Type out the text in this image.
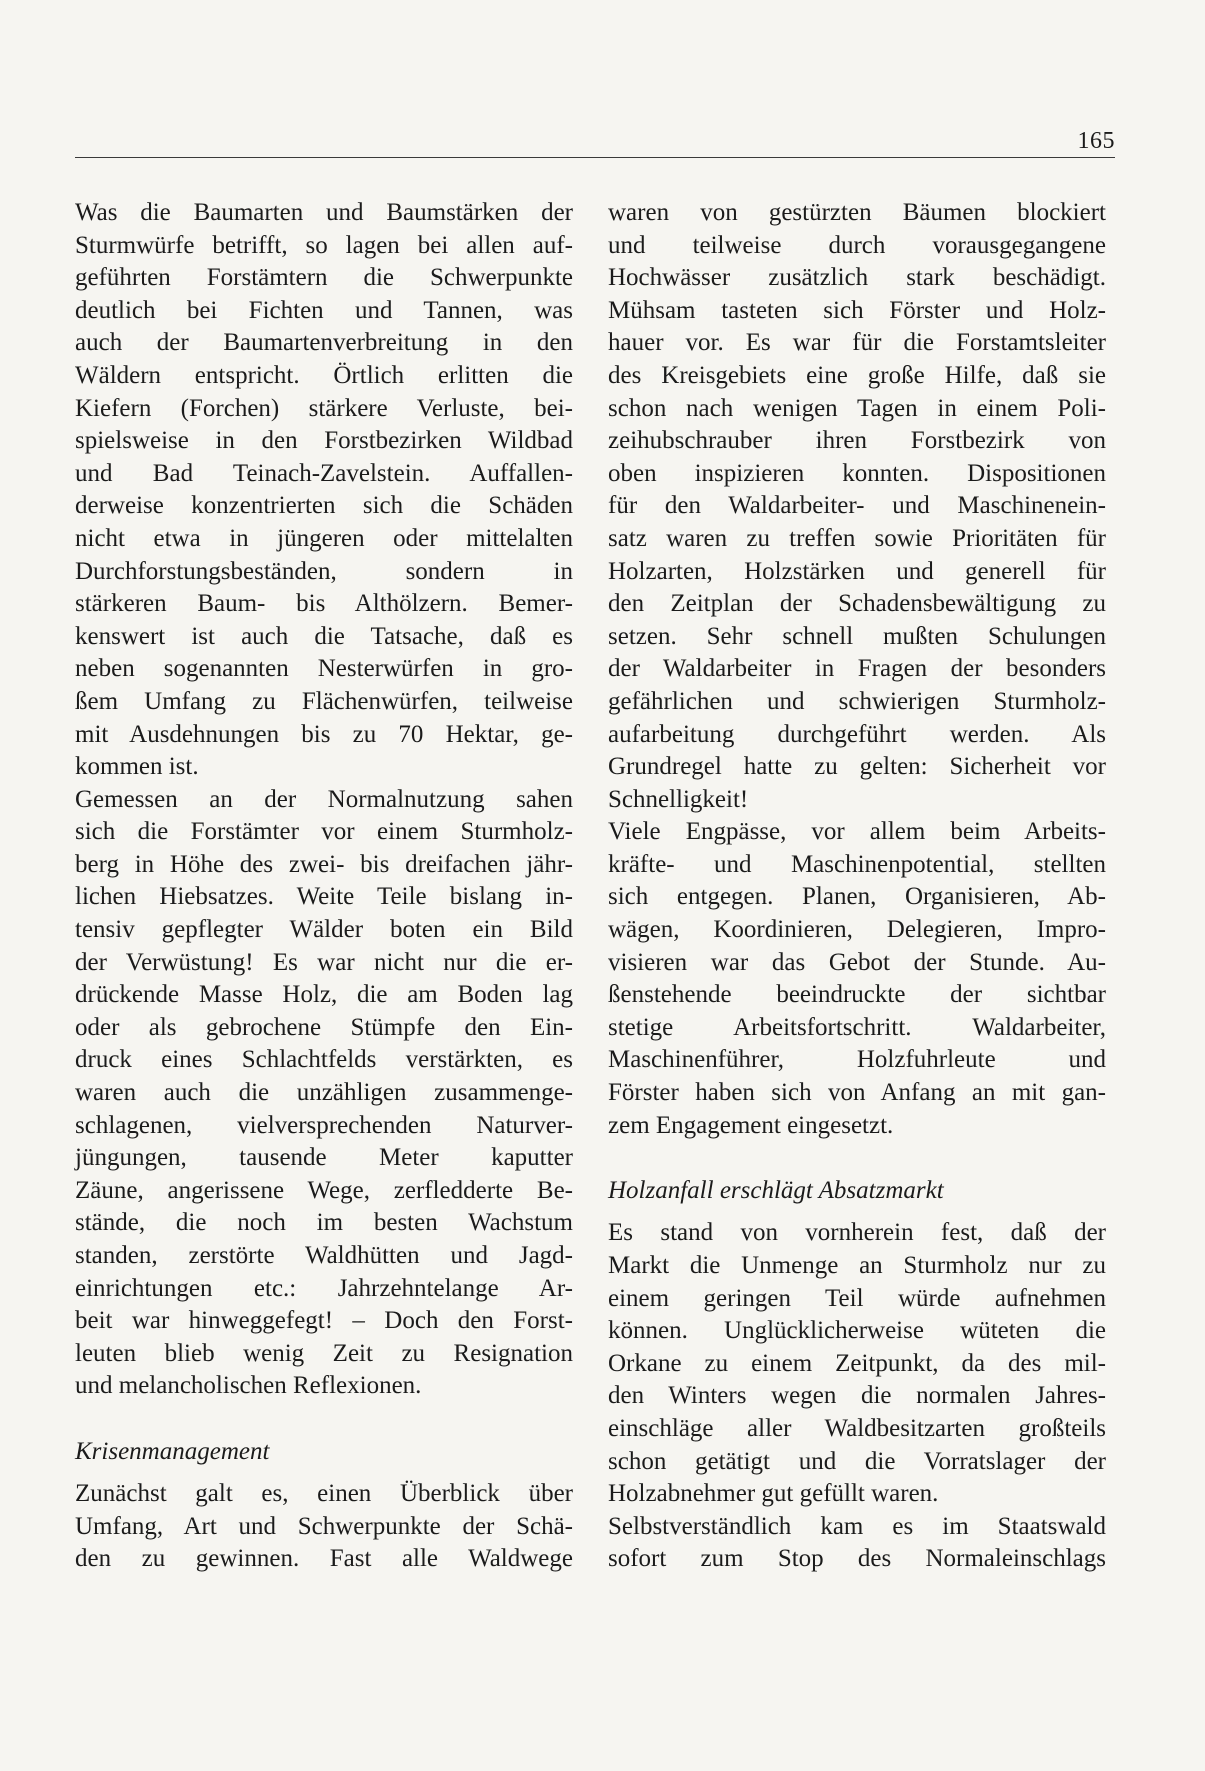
165
Was die Baumarten und Baumstärken der
Sturmwürfe betrifft, so lagen bei allen auf-
geführten Forstämtern die Schwerpunkte
deutlich bei Fichten und Tannen, was
auch der Baumartenverbreitung in den
Wäldern entspricht. Örtlich erlitten die
Kiefern (Forchen) stärkere Verluste, bei-
spielsweise in den Forstbezirken Wildbad
und Bad Teinach-Zavelstein. Auffallen-
derweise konzentrierten sich die Schäden
nicht etwa in jüngeren oder mittelalten
Durchforstungsbeständen, sondern in
stärkeren Baum- bis Althölzern. Bemer-
kenswert ist auch die Tatsache, daß es
neben sogenannten Nesterwürfen in gro-
ßem Umfang zu Flächenwürfen, teilweise
mit Ausdehnungen bis zu 70 Hektar, ge-
kommen ist.
Gemessen an der Normalnutzung sahen
sich die Forstämter vor einem Sturmholz-
berg in Höhe des zwei- bis dreifachen jähr-
lichen Hiebsatzes. Weite Teile bislang in-
tensiv gepflegter Wälder boten ein Bild
der Verwüstung! Es war nicht nur die er-
drückende Masse Holz, die am Boden lag
oder als gebrochene Stümpfe den Ein-
druck eines Schlachtfelds verstärkten, es
waren auch die unzähligen zusammenge-
schlagenen, vielversprechenden Naturver-
jüngungen, tausende Meter kaputter
Zäune, angerissene Wege, zerfledderte Be-
stände, die noch im besten Wachstum
standen, zerstörte Waldhütten und Jagd-
einrichtungen etc.: Jahrzehntelange Ar-
beit war hinweggefegt! – Doch den Forst-
leuten blieb wenig Zeit zu Resignation
und melancholischen Reflexionen.
Krisenmanagement
Zunächst galt es, einen Überblick über
Umfang, Art und Schwerpunkte der Schä-
den zu gewinnen. Fast alle Waldwege
waren von gestürzten Bäumen blockiert
und teilweise durch vorausgegangene
Hochwässer zusätzlich stark beschädigt.
Mühsam tasteten sich Förster und Holz-
hauer vor. Es war für die Forstamtsleiter
des Kreisgebiets eine große Hilfe, daß sie
schon nach wenigen Tagen in einem Poli-
zeihubschrauber ihren Forstbezirk von
oben inspizieren konnten. Dispositionen
für den Waldarbeiter- und Maschinenein-
satz waren zu treffen sowie Prioritäten für
Holzarten, Holzstärken und generell für
den Zeitplan der Schadensbewältigung zu
setzen. Sehr schnell mußten Schulungen
der Waldarbeiter in Fragen der besonders
gefährlichen und schwierigen Sturmholz-
aufarbeitung durchgeführt werden. Als
Grundregel hatte zu gelten: Sicherheit vor
Schnelligkeit!
Viele Engpässe, vor allem beim Arbeits-
kräfte- und Maschinenpotential, stellten
sich entgegen. Planen, Organisieren, Ab-
wägen, Koordinieren, Delegieren, Impro-
visieren war das Gebot der Stunde. Au-
ßenstehende beeindruckte der sichtbar
stetige Arbeitsfortschritt. Waldarbeiter,
Maschinenführer, Holzfuhrleute und
Förster haben sich von Anfang an mit gan-
zem Engagement eingesetzt.
Holzanfall erschlägt Absatzmarkt
Es stand von vornherein fest, daß der
Markt die Unmenge an Sturmholz nur zu
einem geringen Teil würde aufnehmen
können. Unglücklicherweise wüteten die
Orkane zu einem Zeitpunkt, da des mil-
den Winters wegen die normalen Jahres-
einschläge aller Waldbesitzarten großteils
schon getätigt und die Vorratslager der
Holzabnehmer gut gefüllt waren.
Selbstverständlich kam es im Staatswald
sofort zum Stop des Normaleinschlags
